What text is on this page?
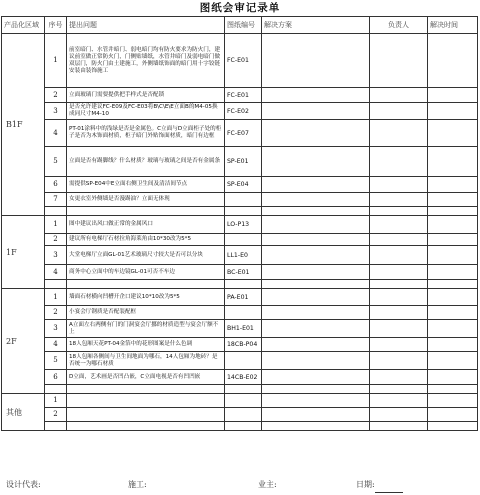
图纸会审记录单
产品化区域	序号	提出问题	图纸编号	解决方案	负责人	解决时间
B1F	1	前室暗门、水管井暗门、弱电暗门均有防火要求为防火门，建议前室做正常防火门，门侧贴墙纸，水管井暗门及弱电暗门做双层门，防火门由土建施工，外侧墙纸饰面的暗门用十字铰链安装由装饰施工	FC-E01			
	2	立面玻璃门需要提供把手样式是否配锁	FC-E01			
	3	是否允许建议FC-E09及FC-E03将B\C\E\E立面B的M4-05换成同尺寸M4-10	FC-E02			
	4	PT-01涂料中的浅绿是否是金属色。C立面与D立面柜子处的柜子是否为木饰面材质，柜子暗门外贴饰面材质，暗门有边框	FC-E07			
	5	立面是否有踢脚线？什么材质？玻璃与玻璃之间是否有金属条	SP-E01			
	6	需提供SP-E04中E立面右侧卫生间及清洁间节点	SP-E04			
	7	女更衣室外侧墙是否漫踢油？立面无体现				

1F	1	图中建议出风口做正常的金属风口	LO-P13			
	2	建议所有电梯厅石材拉角海莱角由10*30改为5*5				
	3	大堂电梯厅立面GL-01艺术玻璃尺寸较大是否可以分块	LL1-E0			
	4	商务中心立面中的车边镜GL-01可否不车边	BC-E01			

2F	1	墙面石材横向凹槽开企口建议10*10改为5*5	PA-E01			
	2	小宴会厅钢质是否配装配框				
	3	A立面左右两侧有门的门洞宴会厅挪的材质造型与宴会厅额不上	BH1-E01			
	4	18人包厢天花PT-04金箔中的花形图案是什么色调	18CB-P04			
	5	18人包厢各侧间与卫生间地面为哪石，14人包厢为地砖？是否统一为哪石材质				
	6	D立面，艺术画是否凹凸嵌，C立面电视是否有凹凹嵌	14CB-E02			

其他	1					
	2					

设计代表:	施工:	业主:	日期:
